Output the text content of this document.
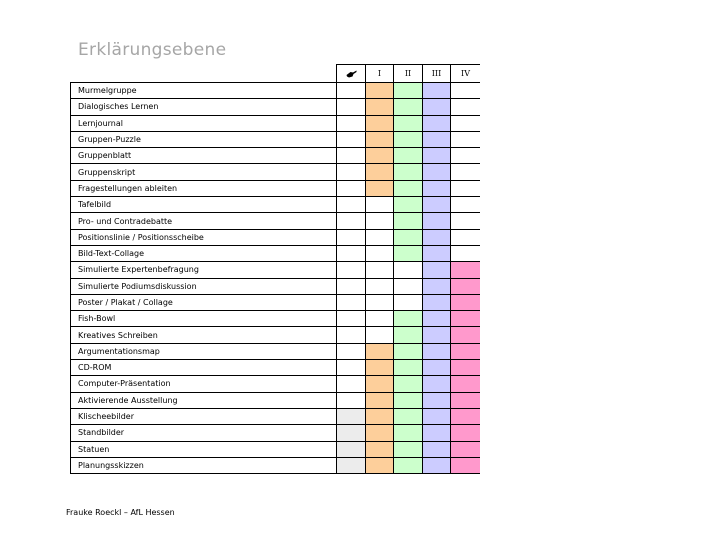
Erklärungsebene
		I	II	III	IV
Murmelgruppe					
Dialogisches Lernen					
Lernjournal					
Gruppen-Puzzle					
Gruppenblatt					
Gruppenskript					
Fragestellungen ableiten					
Tafelbild					
Pro- und Contradebatte					
Positionslinie / Positionsscheibe					
Bild-Text-Collage					
Simulierte Expertenbefragung					
Simulierte Podiumsdiskussion					
Poster / Plakat / Collage					
Fish-Bowl					
Kreatives Schreiben					
Argumentationsmap					
CD-ROM					
Computer-Präsentation					
Aktivierende Ausstellung					
Klischeebilder					
Standbilder					
Statuen					
Planungsskizzen					
Frauke Roeckl – AfL Hessen
